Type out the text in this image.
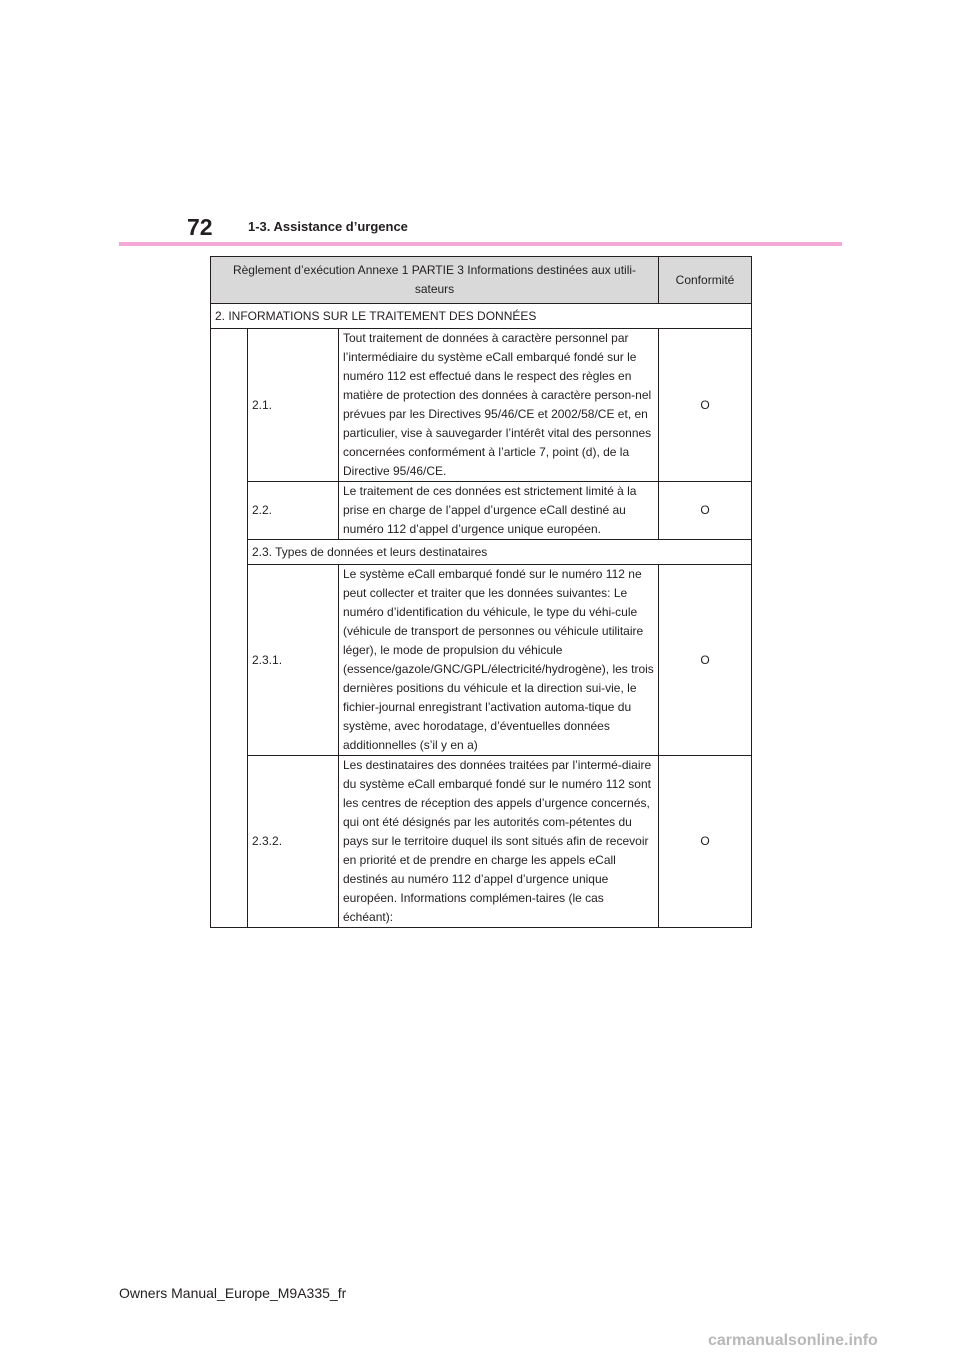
72	1-3. Assistance d’urgence
Règlement d’exécution Annexe 1 PARTIE 3 Informations destinées aux utili-sateurs			Conformité
2. INFORMATIONS SUR LE TRAITEMENT DES DONNÉES			
	2.1.	Tout traitement de données à caractère personnel par l’intermédiaire du système eCall embarqué fondé sur le numéro 112 est effectué dans le respect des règles en matière de protection des données à caractère person-nel prévues par les Directives 95/46/CE et 2002/58/CE et, en particulier, vise à sauvegarder l’intérêt vital des personnes concernées conformément à l’article 7, point (d), de la Directive 95/46/CE.	O
	2.2.	Le traitement de ces données est strictement limité à la prise en charge de l’appel d’urgence eCall destiné au numéro 112 d’appel d’urgence unique européen.	O
	2.3. Types de données et leurs destinataires		
	2.3.1.	Le système eCall embarqué fondé sur le numéro 112 ne peut collecter et traiter que les données suivantes: Le numéro d’identification du véhicule, le type du véhi-cule (véhicule de transport de personnes ou véhicule utilitaire léger), le mode de propulsion du véhicule (essence/gazole/GNC/GPL/électricité/hydrogène), les trois dernières positions du véhicule et la direction sui-vie, le fichier-journal enregistrant l’activation automa-tique du système, avec horodatage, d’éventuelles données additionnelles (s’il y en a)	O
	2.3.2.	Les destinataires des données traitées par l’intermé-diaire du système eCall embarqué fondé sur le numéro 112 sont les centres de réception des appels d’urgence concernés, qui ont été désignés par les autorités com-pétentes du pays sur le territoire duquel ils sont situés afin de recevoir en priorité et de prendre en charge les appels eCall destinés au numéro 112 d’appel d’urgence unique européen. Informations complémen-taires (le cas échéant):	O
Owners Manual_Europe_M9A335_fr
carmanualsonline.info
